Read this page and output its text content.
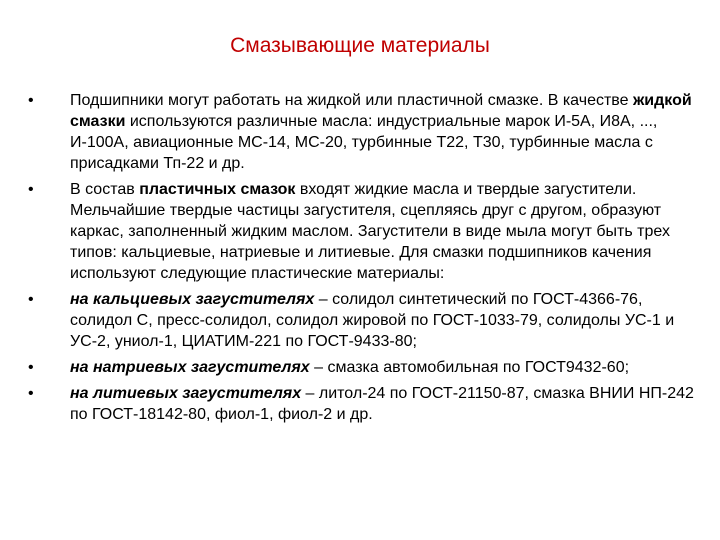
Смазывающие материалы
• Подшипники могут работать на жидкой или пластичной смазке. В качестве жидкой смазки используются различные масла: индустриальные марок И-5А, И8А, ..., И-100А, авиационные МС-14, МС-20, турбинные Т22, Т30, турбинные масла с присадками Тп-22 и др.
• В состав пластичных смазок входят жидкие масла и твердые загустители. Мельчайшие твердые частицы загустителя, сцепляясь друг с другом, образуют каркас, заполненный жидким маслом. Загустители в виде мыла могут быть трех типов: кальциевые, натриевые и литиевые. Для смазки подшипников качения используют следующие пластические материалы:
• на кальциевых загустителях – солидол синтетический по ГОСТ-4366-76, солидол С, пресс-солидол, солидол жировой по ГОСТ-1033-79, солидолы УС-1 и УС-2, униол-1, ЦИАТИМ-221 по ГОСТ-9433-80;
• на натриевых загустителях – смазка автомобильная по ГОСТ9432-60;
• на литиевых загустителях – литол-24 по ГОСТ-21150-87, смазка ВНИИ НП-242 по ГОСТ-18142-80, фиол-1, фиол-2 и др.
